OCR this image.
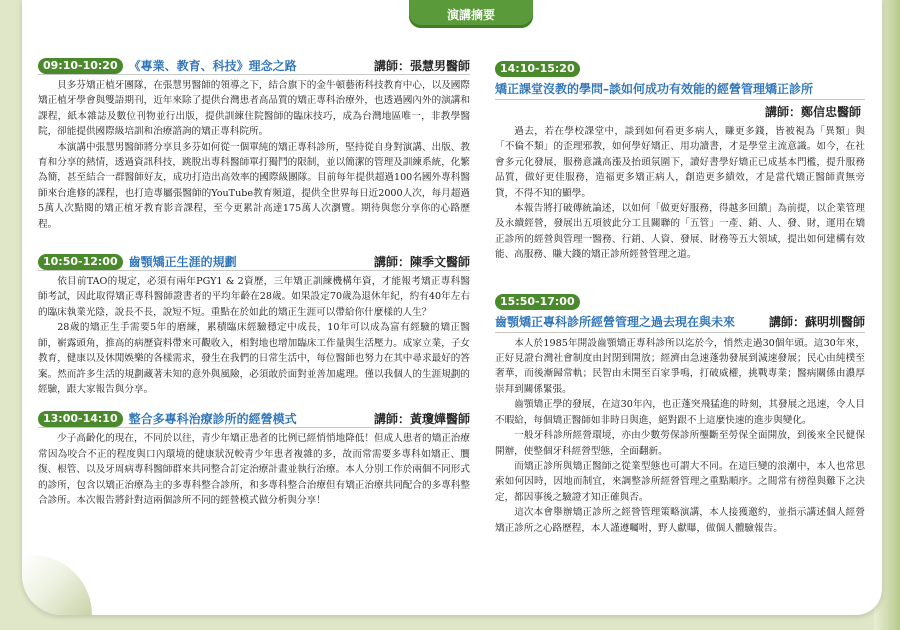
演講摘要
09:10-10:20 《專業、教育、科技》理念之路	講師：張慧男醫師

貝多芬矯正植牙團隊，在張慧男醫師的領導之下，結合旗下的金牛頓藝術科技教育中心，以及國際矯正植牙學會與雙語期刊，近年來除了提供台灣患者高品質的矯正專科治療外，也透過國內外的演講和課程，紙本雜誌及數位刊物並行出版，提供訓練住院醫師的臨床技巧，成為台灣地區唯一，非教學醫院，卻能提供國際級培訓和治療諮詢的矯正專科院所。

本演講中張慧男醫師將分享貝多芬如何從一個單純的矯正專科診所，堅持從自身對演講、出版、教育和分享的熱情，透過資訊科技，跳脫出專科醫師單打獨鬥的限制，並以簡潔的管理及訓練系統，化繁為簡，甚至結合一群醫師好友，成功打造出高效率的國際級團隊。目前每年提供超過100名國外專科醫師來台進修的課程，也打造專屬張醫師的YouTube教育頻道，提供全世界每日近2000人次，每月超過5萬人次點閱的矯正植牙教育影音課程，至今更累計高達175萬人次瀏覽。期待與您分享你的心路歷程。

10:50-12:00 齒顎矯正生涯的規劃	講師：陳季文醫師

依目前TAO的規定，必須有兩年PGY1 & 2資歷，三年矯正訓練機構年資，才能報考矯正專科醫師考試，因此取得矯正專科醫師證書者的平均年齡在28歲。如果設定70歲為退休年紀，約有40年左右的臨床執業光陰，說長不長，說短不短。重點在於如此的矯正生涯可以帶給你什麼樣的人生？

28歲的矯正生手需要5年的磨練，累積臨床經驗穩定中成長，10年可以成為富有經驗的矯正醫師，嶄露頭角，推高的病歷資料帶來可觀收入，相對地也增加臨床工作量與生活壓力。成家立業，子女教育，健康以及休閒娛樂的各樣需求，發生在我們的日常生活中，每位醫師也努力在其中尋求最好的答案。然而許多生活的規劃藏著未知的意外與風險，必須敢於面對並善加處理。僅以我個人的生涯規劃的經驗，跟大家報告與分享。

13:00-14:10 整合多專科治療診所的經營模式	講師：黃瓊嬅醫師

少子高齡化的現在，不同於以往，青少年矯正患者的比例已經悄悄地降低！但成人患者的矯正治療常因為咬合不正的程度與口內環境的健康狀況較青少年患者複雜的多，故而常需要多專科如矯正、贋復、根管、以及牙周病專科醫師群來共同整合訂定治療計畫並執行治療。本人分別工作於兩個不同形式的診所，包含以矯正治療為主的多專科整合診所，和多專科整合治療但有矯正治療共同配合的多專科整合診所。本次報告將針對這兩個診所不同的經營模式做分析與分享！

14:10-15:20
矯正課堂沒教的學問–談如何成功有效能的經營管理矯正診所
講師：鄭信忠醫師

過去，若在學校課堂中，談到如何看更多病人，賺更多錢，皆被視為「異類」與「不倫不類」的歪理邪教，如何學好矯正、用功讀書，才是學堂主流意識。如今，在社會多元化發展，服務意識高漲及抬頭氛圍下，讀好書學好矯正已成基本門檻，提升服務品質，做好更佳服務，造福更多矯正病人，創造更多績效，才是當代矯正醫師責無旁貸，不得不知的顯學。

本報告將打破傳統論述，以如何「做更好服務，得越多回饋」為前提，以企業管理及永續經營，發展出五項彼此分工且關聯的「五管」一產、銷、人、發、財，運用在矯正診所的經營與管理一醫務、行銷、人資、發展、財務等五大領域，提出如何建構有效能、高服務、賺大錢的矯正診所經營管理之道。

15:50-17:00
齒顎矯正專科診所經營管理之過去現在與未來	講師：蘇明圳醫師

本人於1985年開設齒顎矯正專科診所以迄於今，悄然走過30個年頭。這30年來，正好見證台灣社會制度由封閉到開放；經濟由急速蓬勃發展到減速發展；民心由純樸至奢華，而後漸歸常軌；民智由未開至百家爭鳴，打破威權，挑戰專業；醫病關係由濃厚崇拜到關係緊張。

齒顎矯正學的發展，在這30年內，也正蓬突飛猛進的時刻，其發展之迅速，令人目不暇給，每個矯正醫師如非時日與進，絕對跟不上這麼快速的進步與變化。

一般牙科診所經營環境，亦由少數勞保診所壟斷至勞保全面開放，到後來全民健保開辦，使整個牙科經營型態，全面翻新。

而矯正診所與矯正醫師之從業型態也可謂大不同。在這巨變的浪潮中，本人也常思索如何因時，因地而制宜，來調整診所經營管理之重點順序。之間常有徬徨與難下之決定，都因事後之驗證才知正確與否。

這次本會舉辦矯正診所之經營管理策略演講，本人接獲邀約，並指示講述個人經營矯正診所之心路歷程，本人謹遵囑咐，野人獻曝，做個人體驗報告。
